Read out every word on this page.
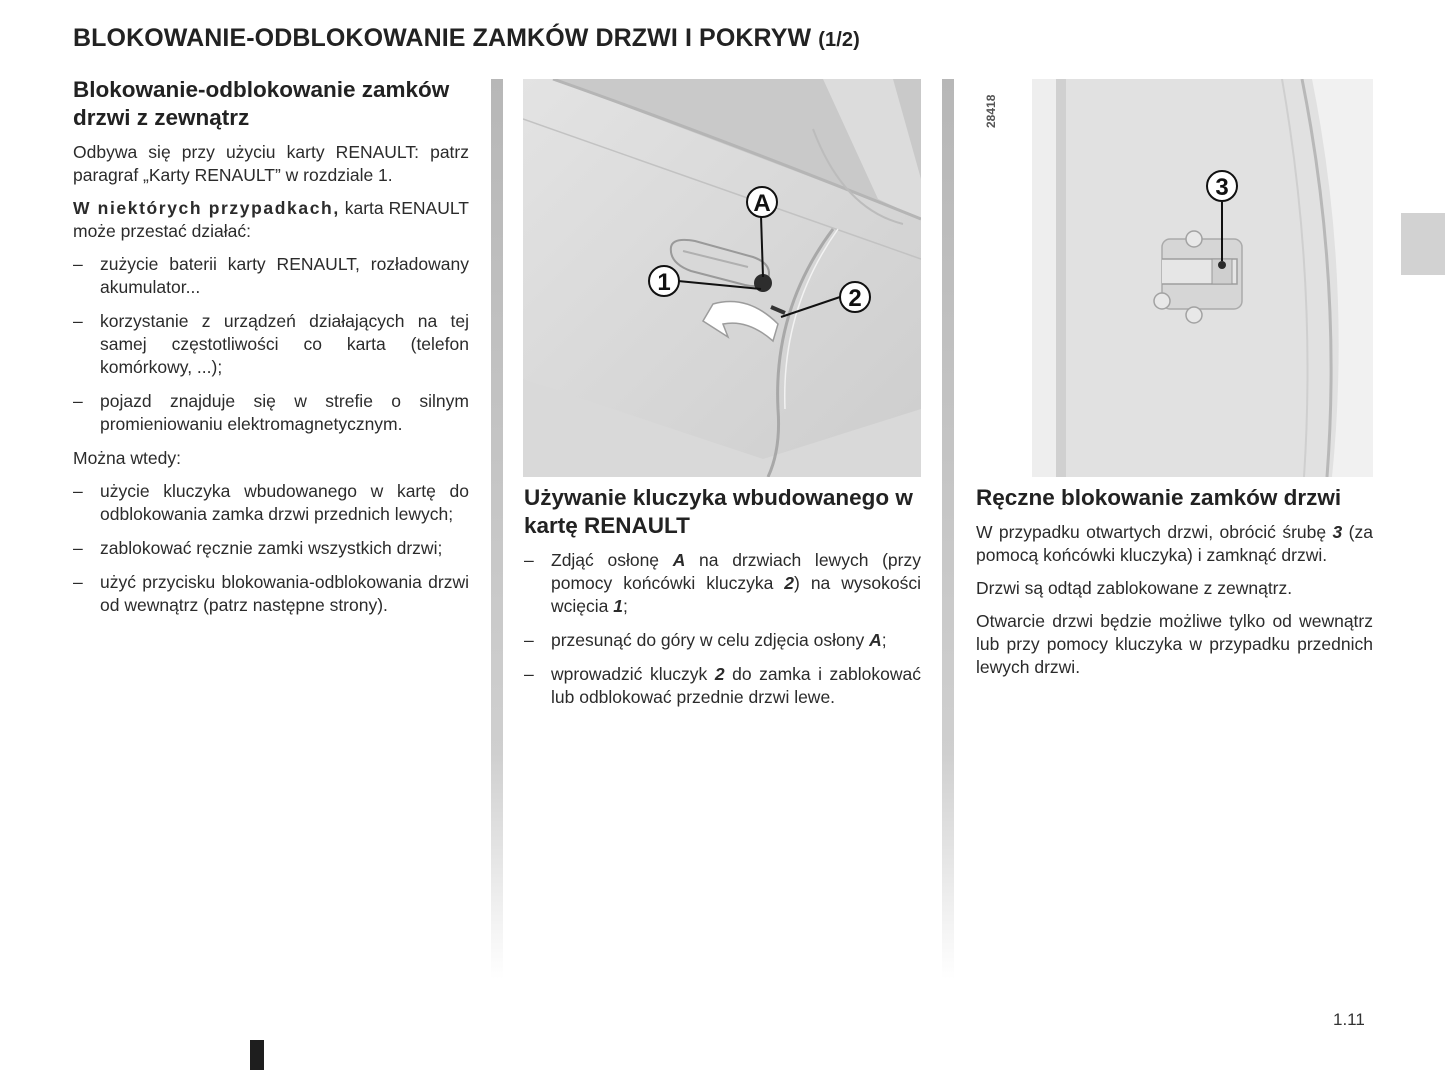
BLOKOWANIE-ODBLOKOWANIE ZAMKÓW DRZWI I POKRYW (1/2)
Blokowanie-odblokowanie zamków drzwi z zewnątrz

Odbywa się przy użyciu karty RENAULT: patrz paragraf „Karty RENAULT” w rozdziale 1.

W niektórych przypadkach, karta RENAULT może przestać działać:

– zużycie baterii karty RENAULT, rozładowany akumulator...
– korzystanie z urządzeń działających na tej samej częstotliwości co karta (telefon komórkowy, ...);
– pojazd znajduje się w strefie o silnym promieniowaniu elektromagnetycznym.

Można wtedy:

– użycie kluczyka wbudowanego w kartę do odblokowania zamka drzwi przednich lewych;
– zablokować ręcznie zamki wszystkich drzwi;
– użyć przycisku blokowania-odblokowania drzwi od wewnątrz (patrz następne strony).
A
1
2
28418
3
Używanie kluczyka wbudowanego w kartę RENAULT
– Zdjąć osłonę A na drzwiach lewych (przy pomocy końcówki kluczyka 2) na wysokości wcięcia 1;
– przesunąć do góry w celu zdjęcia osłony A;
– wprowadzić kluczyk 2 do zamka i zablokować lub odblokować przednie drzwi lewe.
Ręczne blokowanie zamków drzwi

W przypadku otwartych drzwi, obrócić śrubę 3 (za pomocą końcówki kluczyka) i zamknąć drzwi.

Drzwi są odtąd zablokowane z zewnątrz.

Otwarcie drzwi będzie możliwe tylko od wewnątrz lub przy pomocy kluczyka w przypadku przednich lewych drzwi.

1.11
